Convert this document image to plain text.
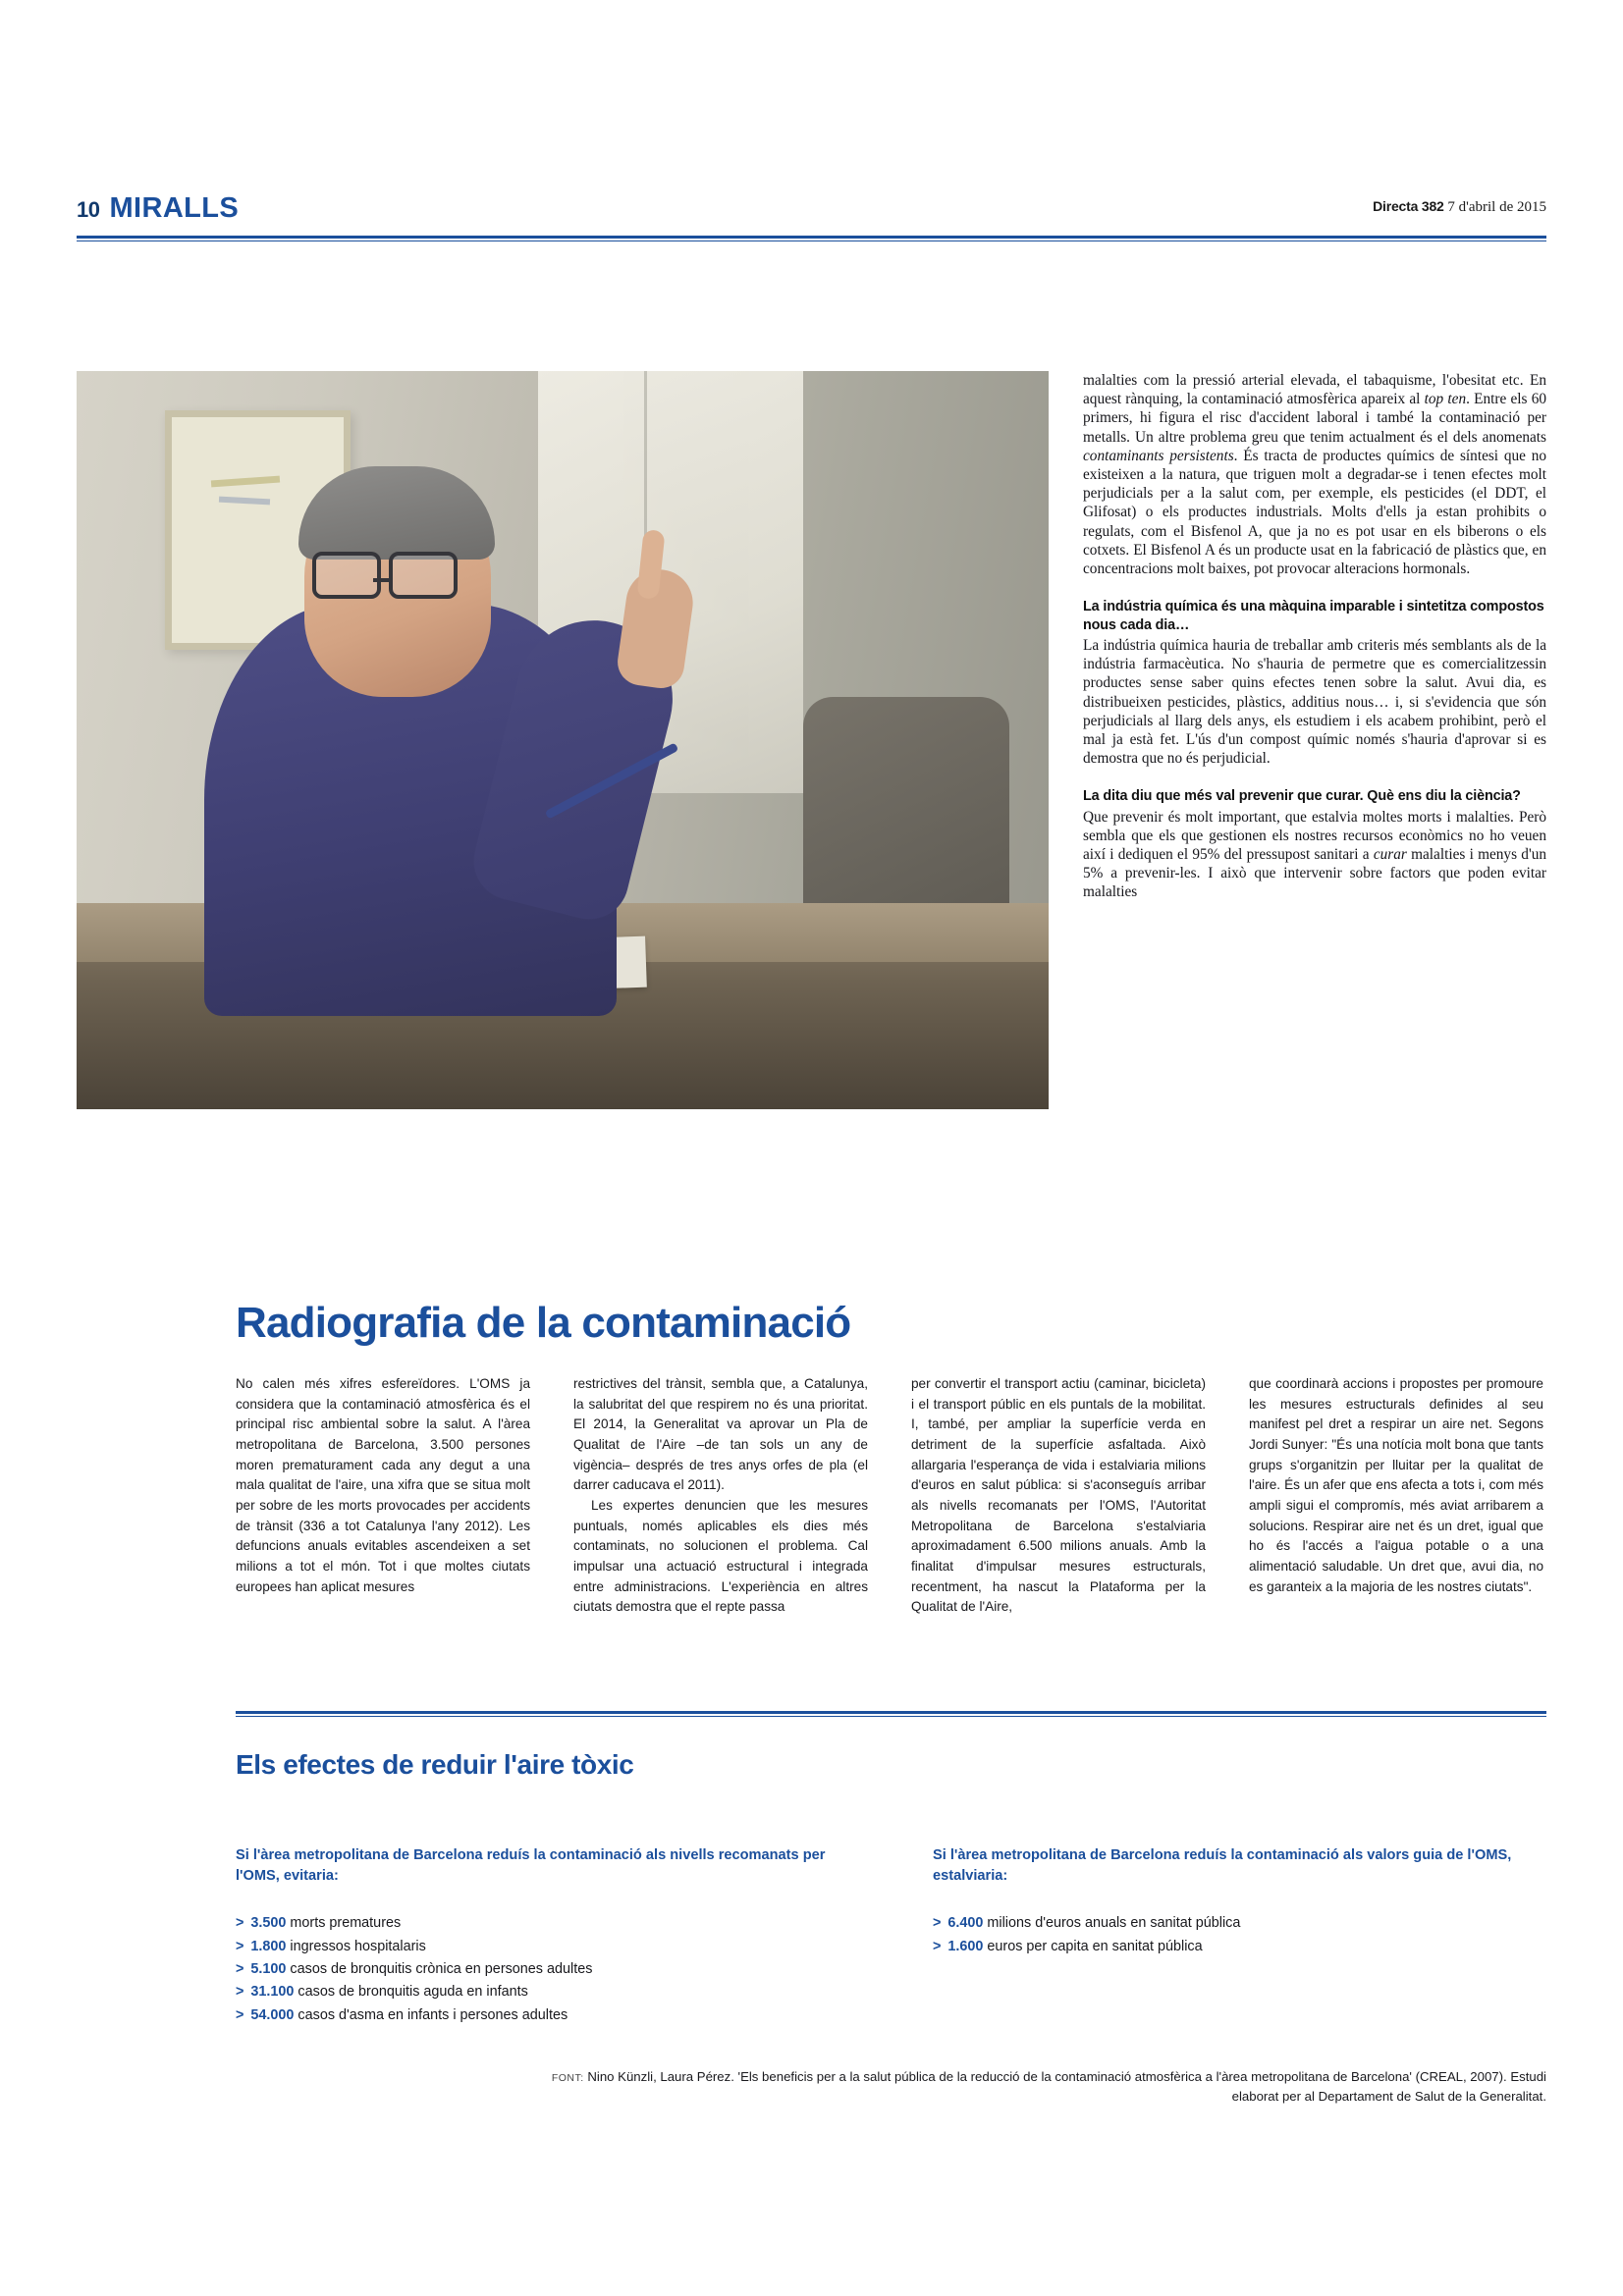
10 MIRALLS	Directa 382 7 d'abril de 2015

malalties com la pressió arterial elevada, el tabaquisme, l'obesitat etc. En aquest rànquing, la contaminació atmosfèrica apareix al top ten. Entre els 60 primers, hi figura el risc d'accident laboral i també la contaminació per metalls. Un altre problema greu que tenim actualment és el dels anomenats contaminants persistents. És tracta de productes químics de síntesi que no existeixen a la natura, que triguen molt a degradar-se i tenen efectes molt perjudicials per a la salut com, per exemple, els pesticides (el DDT, el Glifosat) o els productes industrials. Molts d'ells ja estan prohibits o regulats, com el Bisfenol A, que ja no es pot usar en els biberons o els cotxets. El Bisfenol A és un producte usat en la fabricació de plàstics que, en concentracions molt baixes, pot provocar alteracions hormonals.

La indústria química és una màquina imparable i sintetitza compostos nous cada dia…

La indústria química hauria de treballar amb criteris més semblants als de la indústria farmacèutica. No s'hauria de permetre que es comercialitzessin productes sense saber quins efectes tenen sobre la salut. Avui dia, es distribueixen pesticides, plàstics, additius nous… i, si s'evidencia que són perjudicials al llarg dels anys, els estudiem i els acabem prohibint, però el mal ja està fet. L'ús d'un compost químic només s'hauria d'aprovar si es demostra que no és perjudicial.

La dita diu que més val prevenir que curar. Què ens diu la ciència?

Que prevenir és molt important, que estalvia moltes morts i malalties. Però sembla que els que gestionen els nostres recursos econòmics no ho veuen així i dediquen el 95% del pressupost sanitari a curar malalties i menys d'un 5% a prevenir-les. I això que intervenir sobre factors que poden evitar malalties

Radiografia de la contaminació

No calen més xifres esfereïdores. L'OMS ja considera que la contaminació atmosfèrica és el principal risc ambiental sobre la salut. A l'àrea metropolitana de Barcelona, 3.500 persones moren prematurament cada any degut a una mala qualitat de l'aire, una xifra que se situa molt per sobre de les morts provocades per accidents de trànsit (336 a tot Catalunya l'any 2012). Les defuncions anuals evitables ascendeixen a set milions a tot el món. Tot i que moltes ciutats europees han aplicat mesures

restrictives del trànsit, sembla que, a Catalunya, la salubritat del que respirem no és una prioritat. El 2014, la Generalitat va aprovar un Pla de Qualitat de l'Aire –de tan sols un any de vigència– després de tres anys orfes de pla (el darrer caducava el 2011).

Les expertes denuncien que les mesures puntuals, només aplicables els dies més contaminats, no solucionen el problema. Cal impulsar una actuació estructural i integrada entre administracions. L'experiència en altres ciutats demostra que el repte passa

per convertir el transport actiu (caminar, bicicleta) i el transport públic en els puntals de la mobilitat. I, també, per ampliar la superfície verda en detriment de la superfície asfaltada. Això allargaria l'esperança de vida i estalviaria milions d'euros en salut pública: si s'aconseguís arribar als nivells recomanats per l'OMS, l'Autoritat Metropolitana de Barcelona s'estalviaria aproximadament 6.500 milions anuals. Amb la finalitat d'impulsar mesures estructurals, recentment, ha nascut la Plataforma per la Qualitat de l'Aire,

que coordinarà accions i propostes per promoure les mesures estructurals definides al seu manifest pel dret a respirar un aire net. Segons Jordi Sunyer: "És una notícia molt bona que tants grups s'organitzin per lluitar per la qualitat de l'aire. És un afer que ens afecta a tots i, com més ampli sigui el compromís, més aviat arribarem a solucions. Respirar aire net és un dret, igual que ho és l'accés a l'aigua potable o a una alimentació saludable. Un dret que, avui dia, no es garanteix a la majoria de les nostres ciutats".

Els efectes de reduir l'aire tòxic
Si l'àrea metropolitana de Barcelona reduís la contaminació als nivells recomanats per l'OMS, evitaria:
> 3.500 morts prematures
> 1.800 ingressos hospitalaris
> 5.100 casos de bronquitis crònica en persones adultes
> 31.100 casos de bronquitis aguda en infants
> 54.000 casos d'asma en infants i persones adultes
Si l'àrea metropolitana de Barcelona reduís la contaminació als valors guia de l'OMS, estalviaria:
> 6.400 milions d'euros anuals en sanitat pública
> 1.600 euros per capita en sanitat pública
FONT: Nino Künzli, Laura Pérez. 'Els beneficis per a la salut pública de la reducció de la contaminació atmosfèrica a l'àrea metropolitana de Barcelona' (CREAL, 2007). Estudi elaborat per al Departament de Salut de la Generalitat.
